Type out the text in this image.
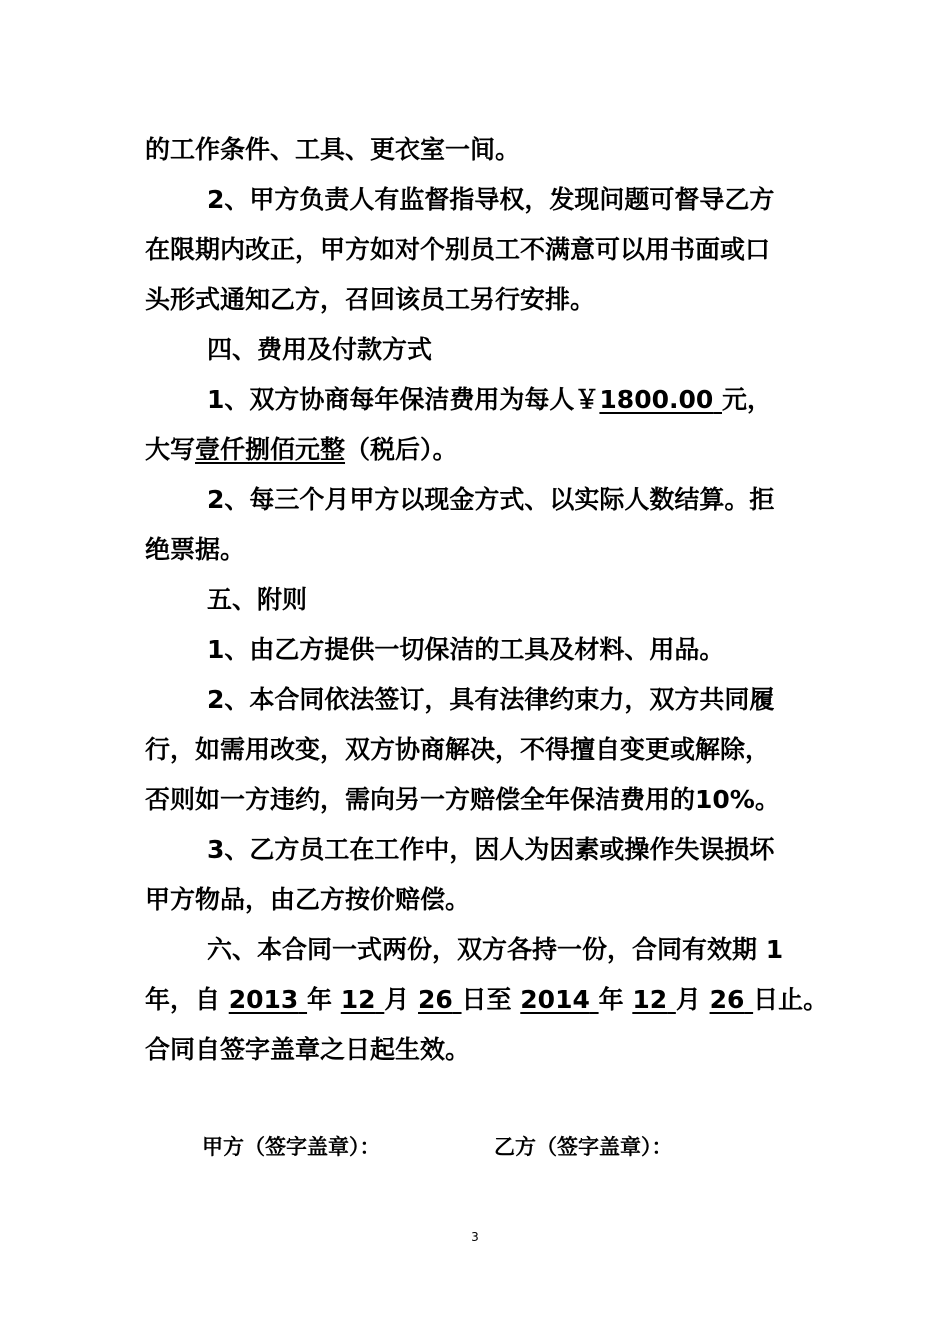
的工作条件、工具、更衣室一间。
2、甲方负责人有监督指导权，发现问题可督导乙方
在限期内改正，甲方如对个别员工不满意可以用书面或口
头形式通知乙方，召回该员工另行安排。
四、费用及付款方式
1、双方协商每年保洁费用为每人￥1800.00 元，
大写壹仟捌佰元整（税后）。
2、每三个月甲方以现金方式、以实际人数结算。拒
绝票据。
五、附则
1、由乙方提供一切保洁的工具及材料、用品。
2、本合同依法签订，具有法律约束力，双方共同履
行，如需用改变，双方协商解决，不得擅自变更或解除，
否则如一方违约，需向另一方赔偿全年保洁费用的10%。
3、乙方员工在工作中，因人为因素或操作失误损坏
甲方物品，由乙方按价赔偿。
六、本合同一式两份，双方各持一份，合同有效期 1
年，自 2013 年 12 月 26 日至 2014 年 12 月 26 日止。
合同自签字盖章之日起生效。
甲方（签字盖章）：	乙方（签字盖章）：
3
